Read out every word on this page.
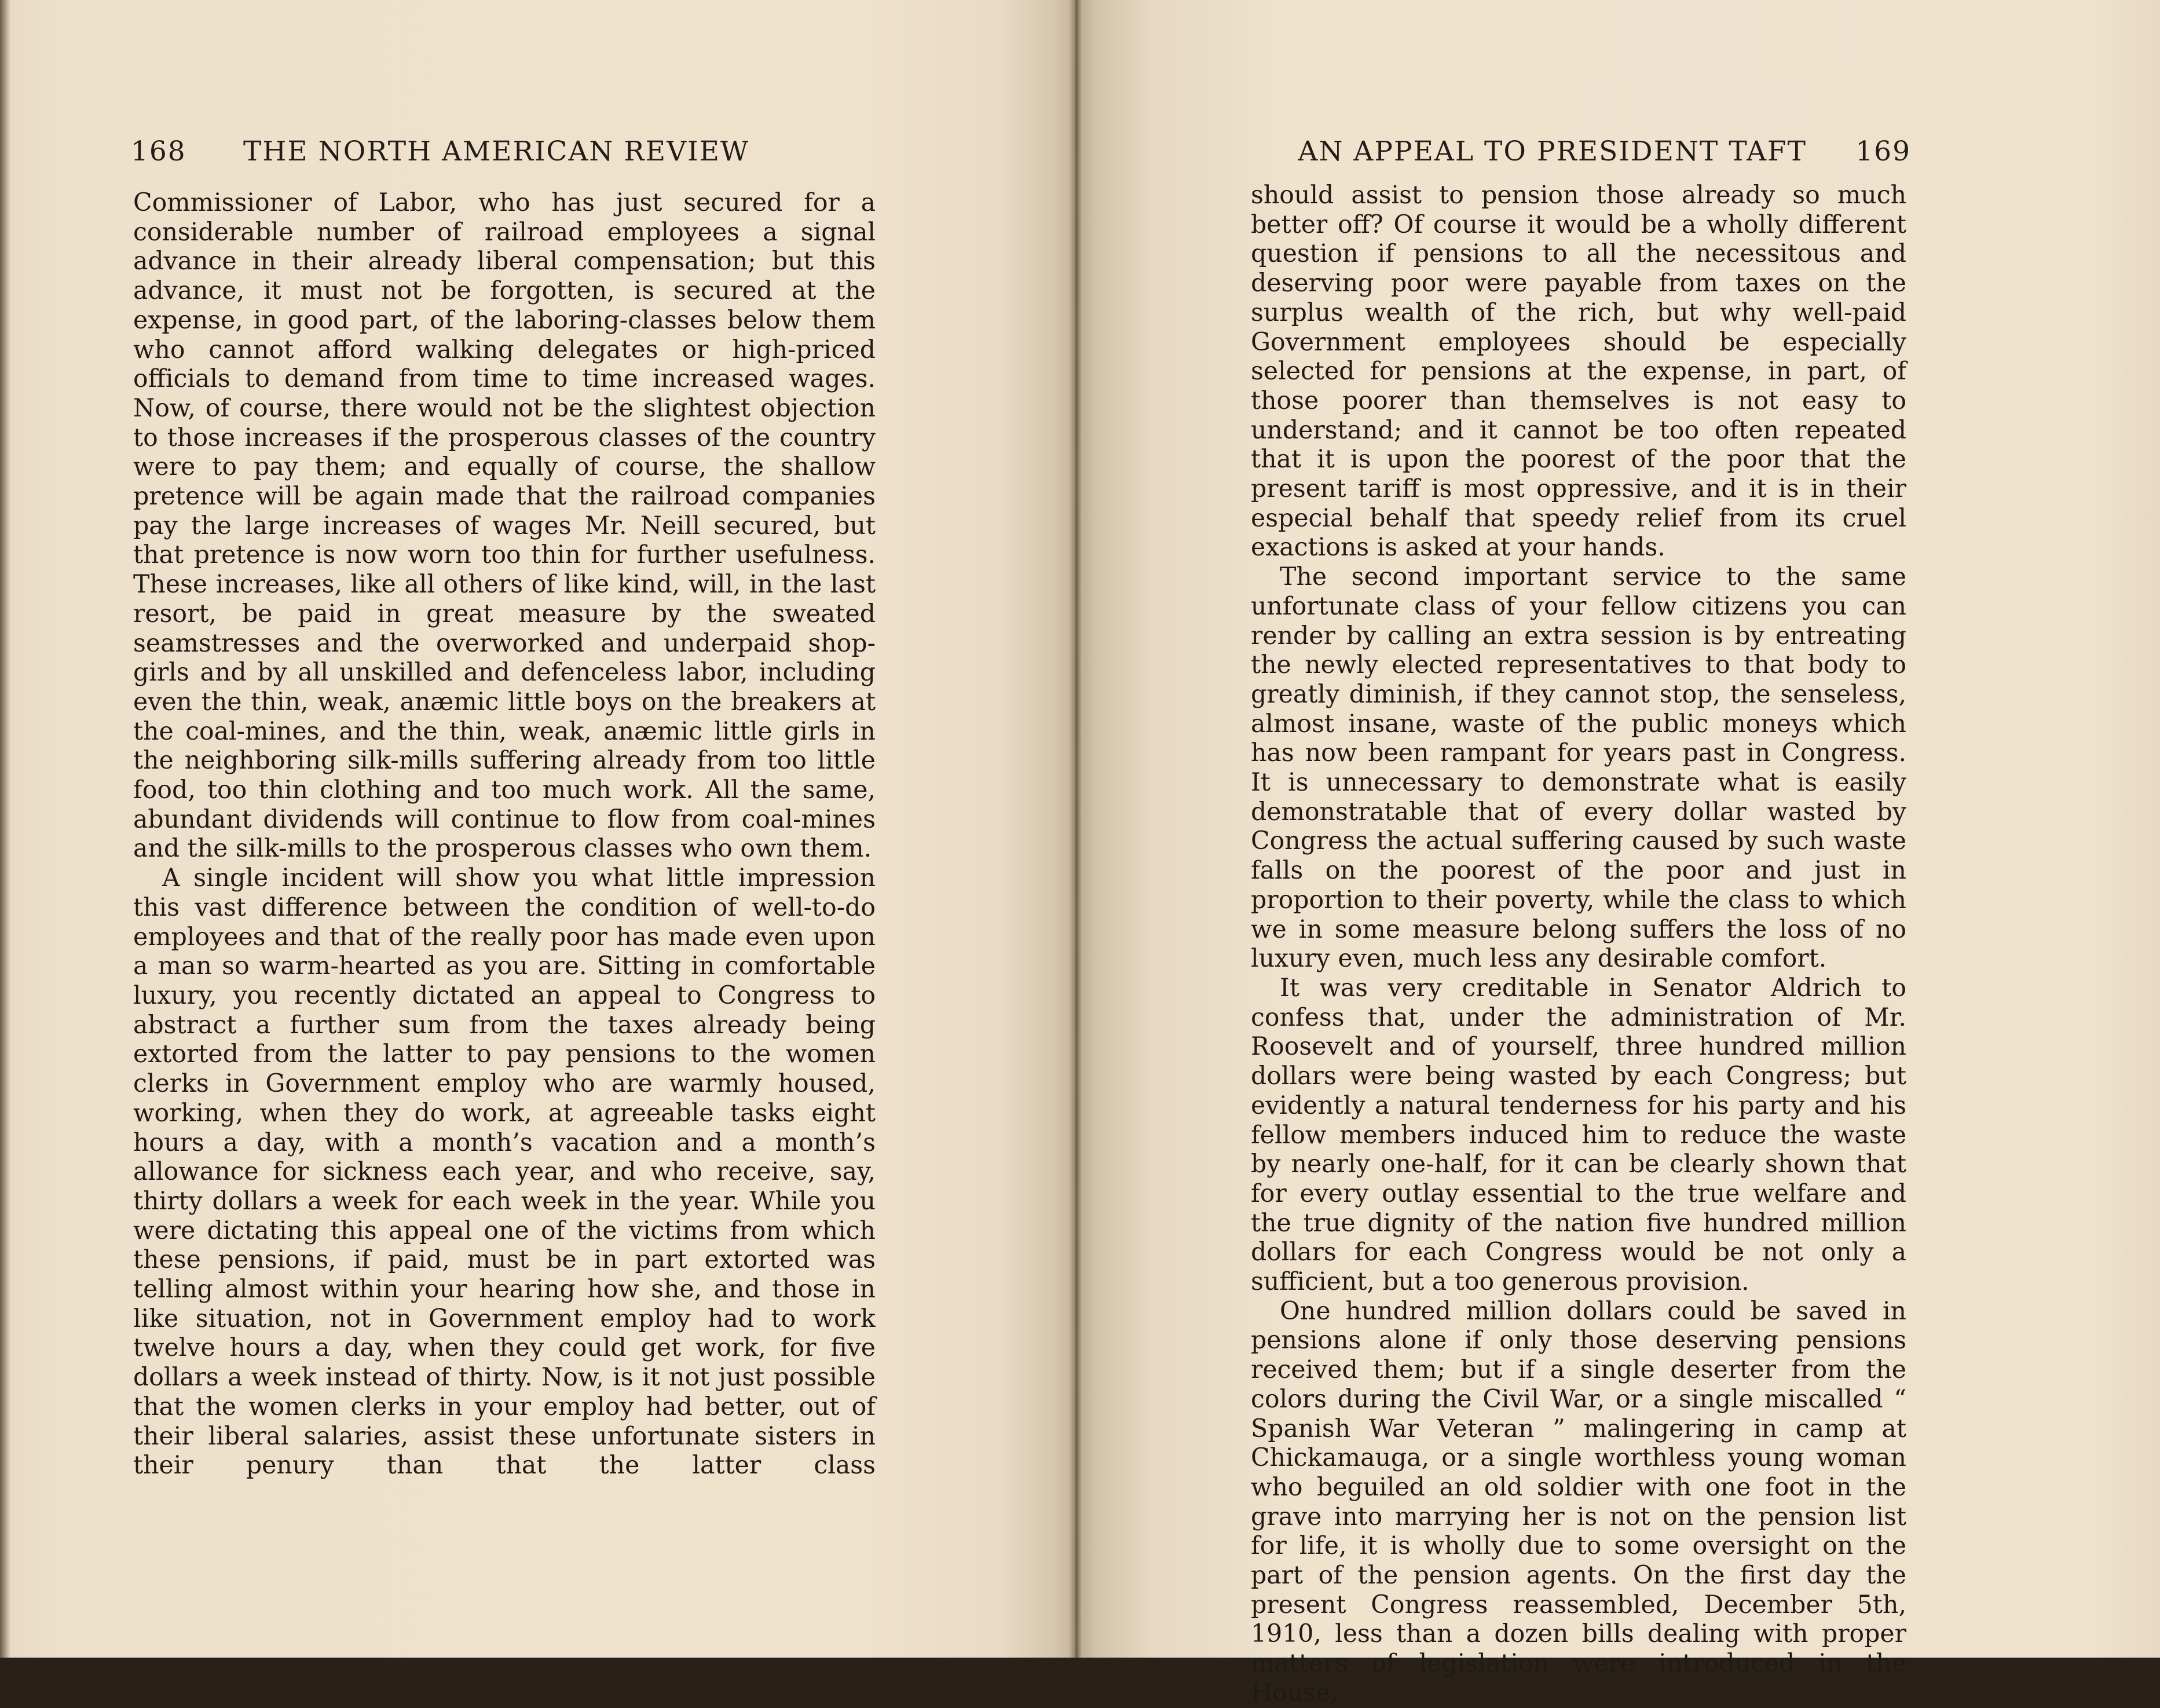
168 THE NORTH AMERICAN REVIEW

Commissioner of Labor, who has just secured for a considerable number of railroad employees a signal advance in their already liberal compensation; but this advance, it must not be forgotten, is secured at the expense, in good part, of the laboring-classes below them who cannot afford walking delegates or high-priced officials to demand from time to time increased wages. Now, of course, there would not be the slightest objection to those increases if the prosperous classes of the country were to pay them; and equally of course, the shallow pretence will be again made that the railroad companies pay the large increases of wages Mr. Neill secured, but that pretence is now worn too thin for further usefulness. These increases, like all others of like kind, will, in the last resort, be paid in great measure by the sweated seamstresses and the overworked and underpaid shop-girls and by all unskilled and defenceless labor, including even the thin, weak, anæmic little boys on the breakers at the coal-mines, and the thin, weak, anæmic little girls in the neighboring silk-mills suffering already from too little food, too thin clothing and too much work. All the same, abundant dividends will continue to flow from coal-mines and the silk-mills to the prosperous classes who own them.

A single incident will show you what little impression this vast difference between the condition of well-to-do employees and that of the really poor has made even upon a man so warm-hearted as you are. Sitting in comfortable luxury, you recently dictated an appeal to Congress to abstract a further sum from the taxes already being extorted from the latter to pay pensions to the women clerks in Government employ who are warmly housed, working, when they do work, at agreeable tasks eight hours a day, with a month’s vacation and a month’s allowance for sickness each year, and who receive, say, thirty dollars a week for each week in the year. While you were dictating this appeal one of the victims from which these pensions, if paid, must be in part extorted was telling almost within your hearing how she, and those in like situation, not in Government employ had to work twelve hours a day, when they could get work, for five dollars a week instead of thirty. Now, is it not just possible that the women clerks in your employ had better, out of their liberal salaries, assist these unfortunate sisters in their penury than that the latter class

AN APPEAL TO PRESIDENT TAFT 169

should assist to pension those already so much better off? Of course it would be a wholly different question if pensions to all the necessitous and deserving poor were payable from taxes on the surplus wealth of the rich, but why well-paid Government employees should be especially selected for pensions at the expense, in part, of those poorer than themselves is not easy to understand; and it cannot be too often repeated that it is upon the poorest of the poor that the present tariff is most oppressive, and it is in their especial behalf that speedy relief from its cruel exactions is asked at your hands.

The second important service to the same unfortunate class of your fellow citizens you can render by calling an extra session is by entreating the newly elected representatives to that body to greatly diminish, if they cannot stop, the senseless, almost insane, waste of the public moneys which has now been rampant for years past in Congress. It is unnecessary to demonstrate what is easily demonstratable that of every dollar wasted by Congress the actual suffering caused by such waste falls on the poorest of the poor and just in proportion to their poverty, while the class to which we in some measure belong suffers the loss of no luxury even, much less any desirable comfort.

It was very creditable in Senator Aldrich to confess that, under the administration of Mr. Roosevelt and of yourself, three hundred million dollars were being wasted by each Congress; but evidently a natural tenderness for his party and his fellow members induced him to reduce the waste by nearly one-half, for it can be clearly shown that for every outlay essential to the true welfare and the true dignity of the nation five hundred million dollars for each Congress would be not only a sufficient, but a too generous provision.

One hundred million dollars could be saved in pensions alone if only those deserving pensions received them; but if a single deserter from the colors during the Civil War, or a single miscalled “ Spanish War Veteran ” malingering in camp at Chickamauga, or a single worthless young woman who beguiled an old soldier with one foot in the grave into marrying her is not on the pension list for life, it is wholly due to some oversight on the part of the pension agents. On the first day the present Congress reassembled, December 5th, 1910, less than a dozen bills dealing with proper matters of legislation were introduced in the House,
